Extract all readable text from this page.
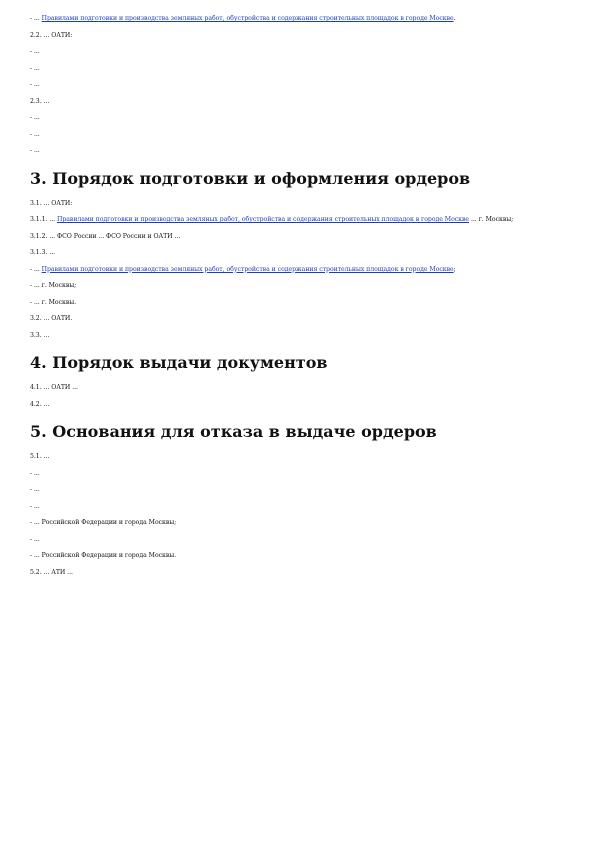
- ... Правилами подготовки и производства земляных работ, обустройства и содержания строительных площадок в городе Москве.

2.2. ... ОАТИ:

- ...

- ...

- ...

2.3. ...

- ...

- ...

- ...

3. Порядок подготовки и оформления ордеров

3.1. ... ОАТИ:

3.1.1. ... Правилами подготовки и производства земляных работ, обустройства и содержания строительных площадок в городе Москве ... г. Москвы;

3.1.2. ... ФСО России ... ФСО России и ОАТИ ...

3.1.3. ...

- ... Правилами подготовки и производства земляных работ, обустройства и содержания строительных площадок в городе Москве;

- ... г. Москвы;

- ... г. Москвы.

3.2. ... ОАТИ.

3.3. ...

4. Порядок выдачи документов

4.1. ... ОАТИ ...

4.2. ...

5. Основания для отказа в выдаче ордеров

5.1. ...

- ...

- ...

- ...

- ... Российской Федерации и города Москвы;

- ...

- ... Российской Федерации и города Москвы.

5.2. ... АТИ ...
